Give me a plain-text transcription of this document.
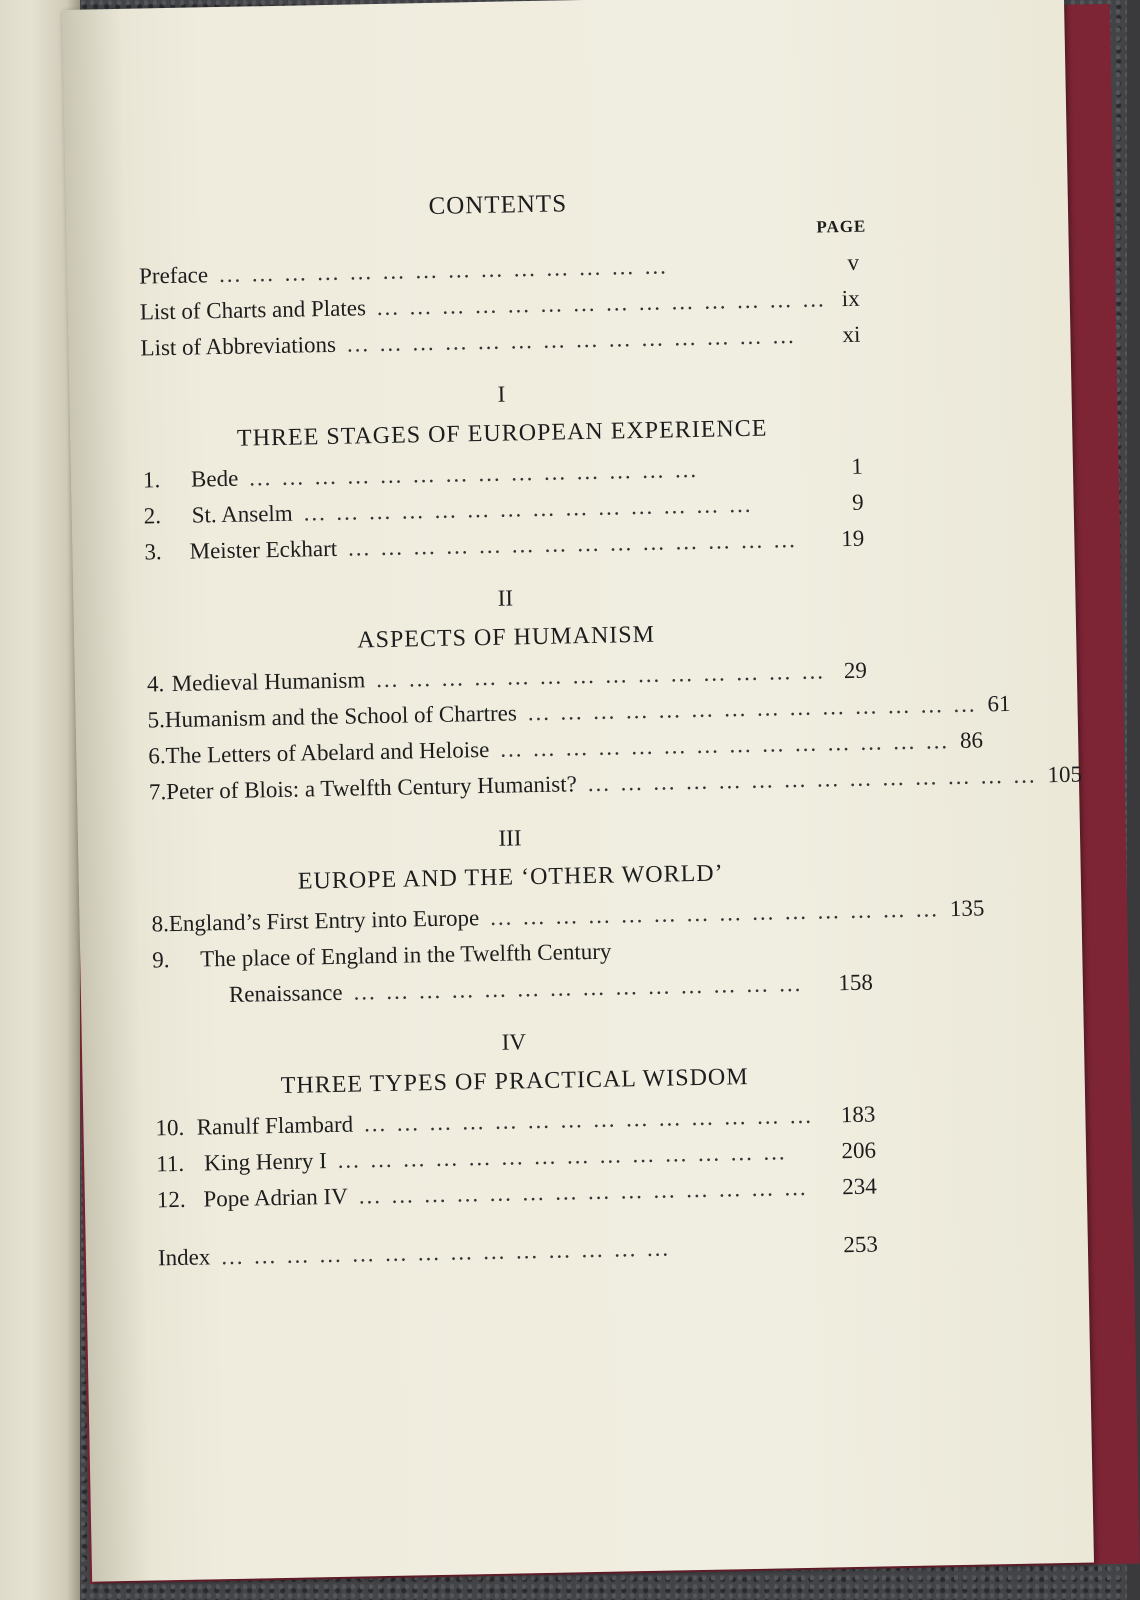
CONTENTS
PAGE
Preface … … … … … … … … … … … … … …	v
List of Charts and Plates … … … … … … … … … … … … … … ix
List of Abbreviations … … … … … … … … … … … … … …	xi
I
THREE STAGES OF EUROPEAN EXPERIENCE
1.	Bede … … … … … … … … … … … … … …	1
2.	St. Anselm … … … … … … … … … … … … … …	9
3.	Meister Eckhart … … … … … … … … … … … … … …	19
II
ASPECTS OF HUMANISM
4. Medieval Humanism … … … … … … … … … … … … … … 29
5. Humanism and the School of Chartres … … … … … … … … … … … … … … 61
6. The Letters of Abelard and Heloise … … … … … … … … … … … … … … 86
7. Peter of Blois: a Twelfth Century Humanist? … … … … … … … … … … … … … … 105
III
EUROPE AND THE ‘OTHER WORLD’
8. England’s First Entry into Europe … … … … … … … … … … … … … … 135
9.	The place of England in the Twelfth Century
Renaissance … … … … … … … … … … … … … …	158
IV
THREE TYPES OF PRACTICAL WISDOM
10. Ranulf Flambard … … … … … … … … … … … … … …	183
11. King Henry I … … … … … … … … … … … … … …	206
12. Pope Adrian IV … … … … … … … … … … … … … …	234
Index … … … … … … … … … … … … … …	253
